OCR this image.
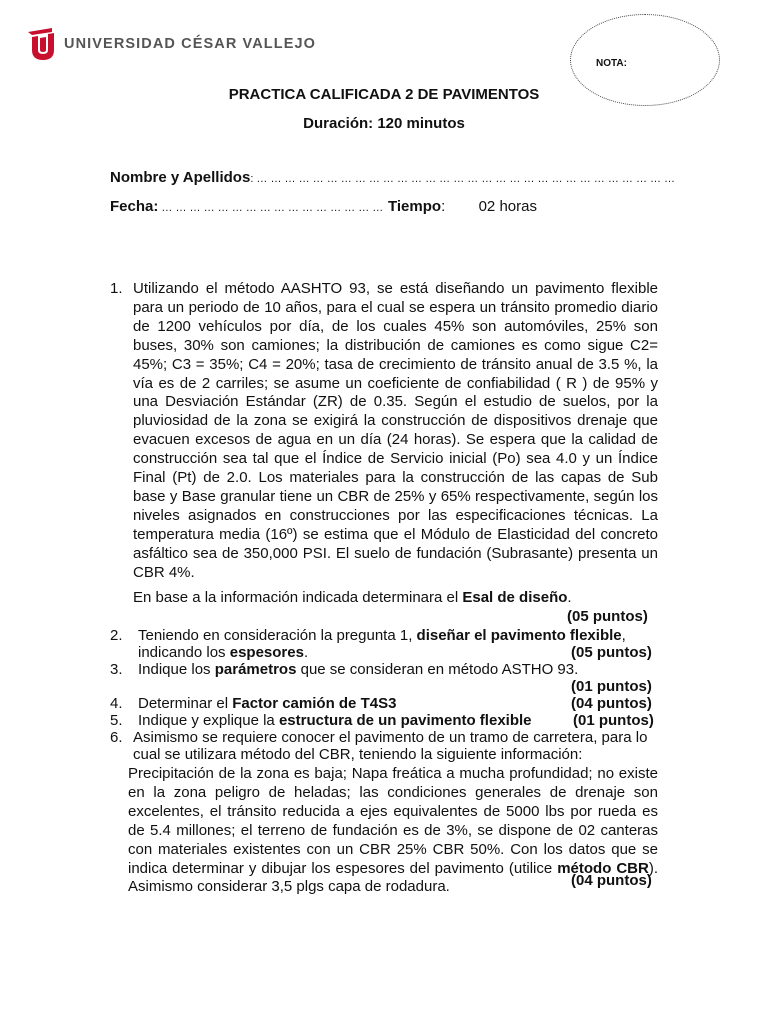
UNIVERSIDAD CÉSAR VALLEJO
NOTA:
PRACTICA CALIFICADA 2 DE PAVIMENTOS
Duración: 120 minutos
Nombre y Apellidos: … … … … … … … … … … … … … … … … … … … … … … … … … … … … … …
Fecha: … … … … … … … … … … … … … … … … Tiempo:        02 horas
1. Utilizando el método AASHTO 93, se está diseñando un pavimento flexible para un periodo de 10 años, para el cual se espera un tránsito promedio diario de 1200 vehículos por día, de los cuales 45% son automóviles, 25% son buses, 30% son camiones; la distribución de camiones es como sigue C2= 45%; C3 = 35%; C4 = 20%; tasa de crecimiento de tránsito anual de 3.5 %, la vía es de 2 carriles; se asume un coeficiente de confiabilidad ( R ) de 95% y una Desviación Estándar (ZR) de 0.35. Según el estudio de suelos, por la pluviosidad de la zona se exigirá la construcción de dispositivos drenaje que evacuen excesos de agua en un día (24 horas). Se espera que la calidad de construcción sea tal que el Índice de Servicio inicial (Po) sea 4.0 y un Índice Final (Pt) de 2.0. Los materiales para la construcción de las capas de Sub base y Base granular tiene un CBR de 25% y 65% respectivamente, según los niveles asignados en construcciones por las especificaciones técnicas. La temperatura media (16º) se estima que el Módulo de Elasticidad del concreto asfáltico sea de 350,000 PSI. El suelo de fundación (Subrasante) presenta un CBR 4%.
En base a la información indicada determinara el Esal de diseño.
(05 puntos)
2. Teniendo en consideración la pregunta 1, diseñar el pavimento flexible,
indicando los espesores.	(05 puntos)
3. Indique los parámetros que se consideran en método ASTHO 93.
(01 puntos)
4. Determinar el Factor camión de T4S3	(04 puntos)
5. Indique y explique la estructura de un pavimento flexible	(01 puntos)
6. Asimismo se requiere conocer el pavimento de un tramo de carretera, para lo
cual se utilizara método del CBR, teniendo la siguiente información:
Precipitación de la zona es baja; Napa freática a mucha profundidad; no existe en la zona peligro de heladas; las condiciones generales de drenaje son excelentes, el tránsito reducida a ejes equivalentes de 5000 lbs por rueda es de 5.4 millones; el terreno de fundación es de 3%, se dispone de 02 canteras con materiales existentes con un CBR 25% CBR 50%. Con los datos que se indica determinar y dibujar los espesores del pavimento (utilice método CBR). Asimismo considerar 3,5 plgs capa de rodadura.	(04 puntos)
